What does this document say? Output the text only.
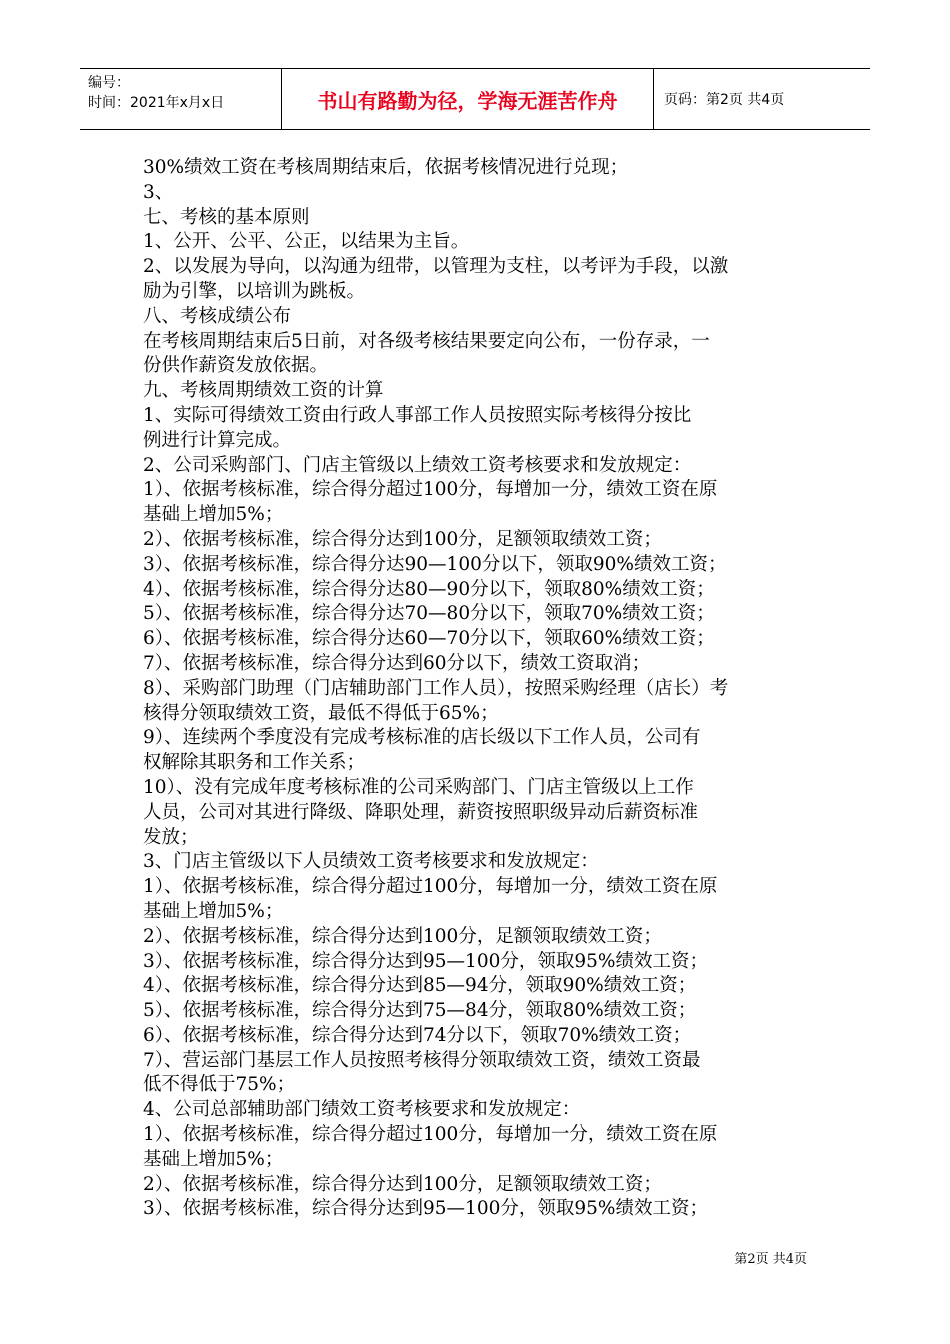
编号：
时间：2021年x月x日	书山有路勤为径，学海无涯苦作舟	页码：第2页 共4页

30%绩效工资在考核周期结束后，依据考核情况进行兑现；

3、

七、考核的基本原则

1、公开、公平、公正，以结果为主旨。

2、以发展为导向，以沟通为纽带，以管理为支柱，以考评为手段，以激

励为引擎，以培训为跳板。

八、考核成绩公布

在考核周期结束后5日前，对各级考核结果要定向公布，一份存录，一

份供作薪资发放依据。

九、考核周期绩效工资的计算

1、实际可得绩效工资由行政人事部工作人员按照实际考核得分按比

例进行计算完成。

2、公司采购部门、门店主管级以上绩效工资考核要求和发放规定：

1）、依据考核标准，综合得分超过100分，每增加一分，绩效工资在原

基础上增加5%；

2）、依据考核标准，综合得分达到100分，足额领取绩效工资；

3）、依据考核标准，综合得分达90—100分以下，领取90%绩效工资；

4）、依据考核标准，综合得分达80—90分以下，领取80%绩效工资；

5）、依据考核标准，综合得分达70—80分以下，领取70%绩效工资；

6）、依据考核标准，综合得分达60—70分以下，领取60%绩效工资；

7）、依据考核标准，综合得分达到60分以下，绩效工资取消；

8）、采购部门助理（门店辅助部门工作人员），按照采购经理（店长）考

核得分领取绩效工资，最低不得低于65%；

9）、连续两个季度没有完成考核标准的店长级以下工作人员，公司有

权解除其职务和工作关系；

10）、没有完成年度考核标准的公司采购部门、门店主管级以上工作

人员，公司对其进行降级、降职处理，薪资按照职级异动后薪资标准

发放；

3、门店主管级以下人员绩效工资考核要求和发放规定：

1）、依据考核标准，综合得分超过100分，每增加一分，绩效工资在原

基础上增加5%；

2）、依据考核标准，综合得分达到100分，足额领取绩效工资；

3）、依据考核标准，综合得分达到95—100分，领取95%绩效工资；

4）、依据考核标准，综合得分达到85—94分，领取90%绩效工资；

5）、依据考核标准，综合得分达到75—84分，领取80%绩效工资；

6）、依据考核标准，综合得分达到74分以下，领取70%绩效工资；

7）、营运部门基层工作人员按照考核得分领取绩效工资，绩效工资最

低不得低于75%；

4、公司总部辅助部门绩效工资考核要求和发放规定：

1）、依据考核标准，综合得分超过100分，每增加一分，绩效工资在原

基础上增加5%；

2）、依据考核标准，综合得分达到100分，足额领取绩效工资；

3）、依据考核标准，综合得分达到95—100分，领取95%绩效工资；

第2页 共4页
